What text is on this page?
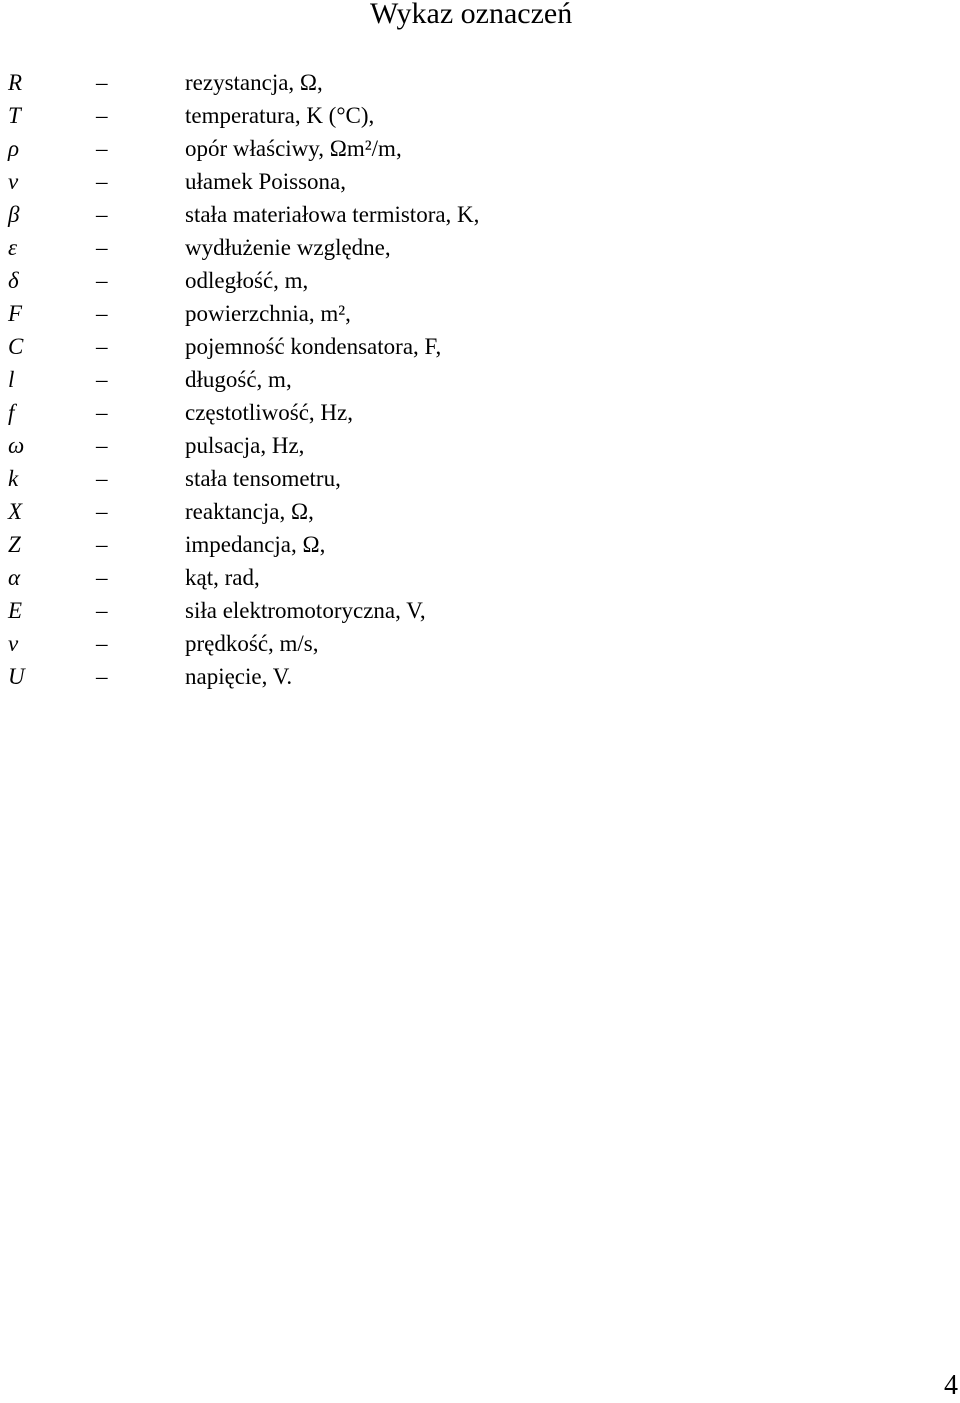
Wykaz oznaczeń
R	–	rezystancja, Ω,
T	–	temperatura, K (°C),
ρ	–	opór właściwy, Ωm²/m,
ν	–	ułamek Poissona,
β	–	stała materiałowa termistora, K,
ε	–	wydłużenie względne,
δ	–	odległość, m,
F	–	powierzchnia, m²,
C	–	pojemność kondensatora, F,
l	–	długość, m,
f	–	częstotliwość, Hz,
ω	–	pulsacja, Hz,
k	–	stała tensometru,
X	–	reaktancja, Ω,
Z	–	impedancja, Ω,
α	–	kąt, rad,
E	–	siła elektromotoryczna, V,
v	–	prędkość, m/s,
U	–	napięcie, V.
4
